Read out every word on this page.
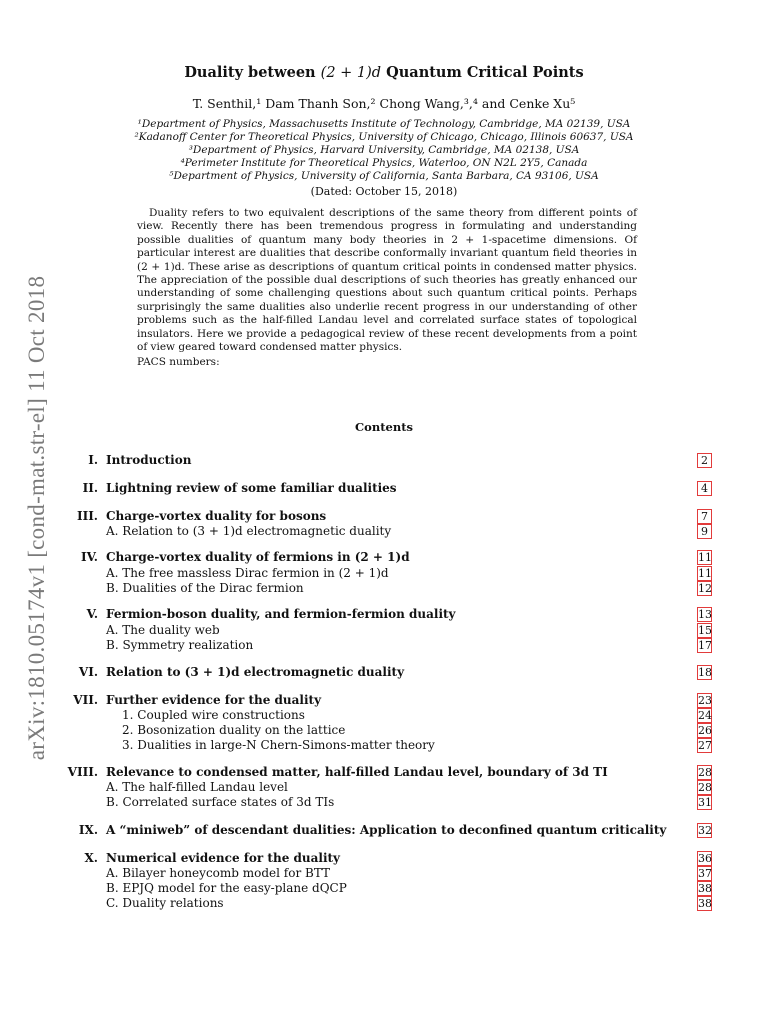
arXiv:1810.05174v1 [cond-mat.str-el] 11 Oct 2018
Duality between (2 + 1)d Quantum Critical Points
T. Senthil,¹ Dam Thanh Son,² Chong Wang,³,⁴ and Cenke Xu⁵
¹Department of Physics, Massachusetts Institute of Technology, Cambridge, MA 02139, USA
²Kadanoff Center for Theoretical Physics, University of Chicago, Chicago, Illinois 60637, USA
³Department of Physics, Harvard University, Cambridge, MA 02138, USA
⁴Perimeter Institute for Theoretical Physics, Waterloo, ON N2L 2Y5, Canada
⁵Department of Physics, University of California, Santa Barbara, CA 93106, USA
(Dated: October 15, 2018)
Duality refers to two equivalent descriptions of the same theory from different points of view. Recently there has been tremendous progress in formulating and understanding possible dualities of quantum many body theories in 2 + 1-spacetime dimensions. Of particular interest are dualities that describe conformally invariant quantum field theories in (2 + 1)d. These arise as descriptions of quantum critical points in condensed matter physics. The appreciation of the possible dual descriptions of such theories has greatly enhanced our understanding of some challenging questions about such quantum critical points. Perhaps surprisingly the same dualities also underlie recent progress in our understanding of other problems such as the half-filled Landau level and correlated surface states of topological insulators. Here we provide a pedagogical review of these recent developments from a point of view geared toward condensed matter physics.
PACS numbers:
Contents
I. Introduction	2
II. Lightning review of some familiar dualities	4
III. Charge-vortex duality for bosons	7
A. Relation to (3 + 1)d electromagnetic duality	9
IV. Charge-vortex duality of fermions in (2 + 1)d	11
A. The free massless Dirac fermion in (2 + 1)d	11
B. Dualities of the Dirac fermion	12
V. Fermion-boson duality, and fermion-fermion duality	13
A. The duality web	15
B. Symmetry realization	17
VI. Relation to (3 + 1)d electromagnetic duality	18
VII. Further evidence for the duality	23
1. Coupled wire constructions	24
2. Bosonization duality on the lattice	26
3. Dualities in large-N Chern-Simons-matter theory	27
VIII. Relevance to condensed matter, half-filled Landau level, boundary of 3d TI	28
A. The half-filled Landau level	28
B. Correlated surface states of 3d TIs	31
IX. A “miniweb” of descendant dualities: Application to deconfined quantum criticality	32
X. Numerical evidence for the duality	36
A. Bilayer honeycomb model for BTT	37
B. EPJQ model for the easy-plane dQCP	38
C. Duality relations	38
